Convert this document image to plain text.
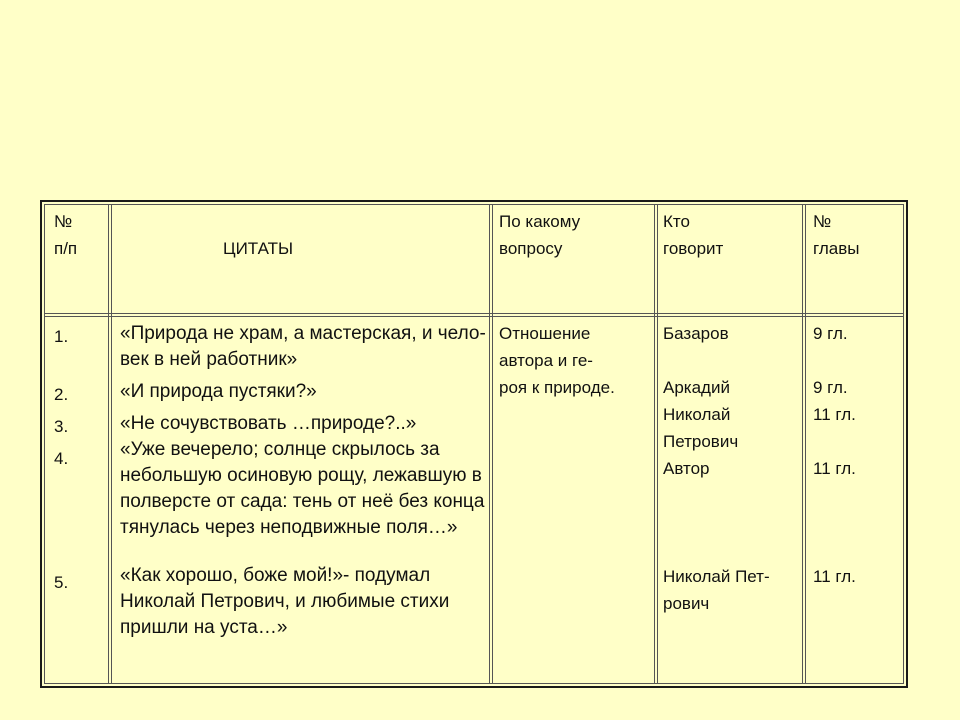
№
п/п	ЦИТАТЫ
По какому
вопросу
Кто
говорит
№
главы
1.
2.
3.
4.
5.
«Природа не храм, а мастерская, и чело- век в ней работник»
«И природа пустяки?»
«Не сочувствовать …природе?..»
«Уже вечерело; солнце скрылось за небольшую осиновую рощу, лежавшую в полверсте от сада: тень от неё без конца тянулась через неподвижные поля…»
«Как хорошо, боже мой!»- подумал Николай Петрович, и любимые стихи пришли на уста…»
Отношение
автора и ге-
роя к природе.
Базаров
Аркадий
Николай
Петрович
Автор
Николай Пет-
рович
9 гл.
9 гл.
11 гл.
11 гл.
11 гл.
